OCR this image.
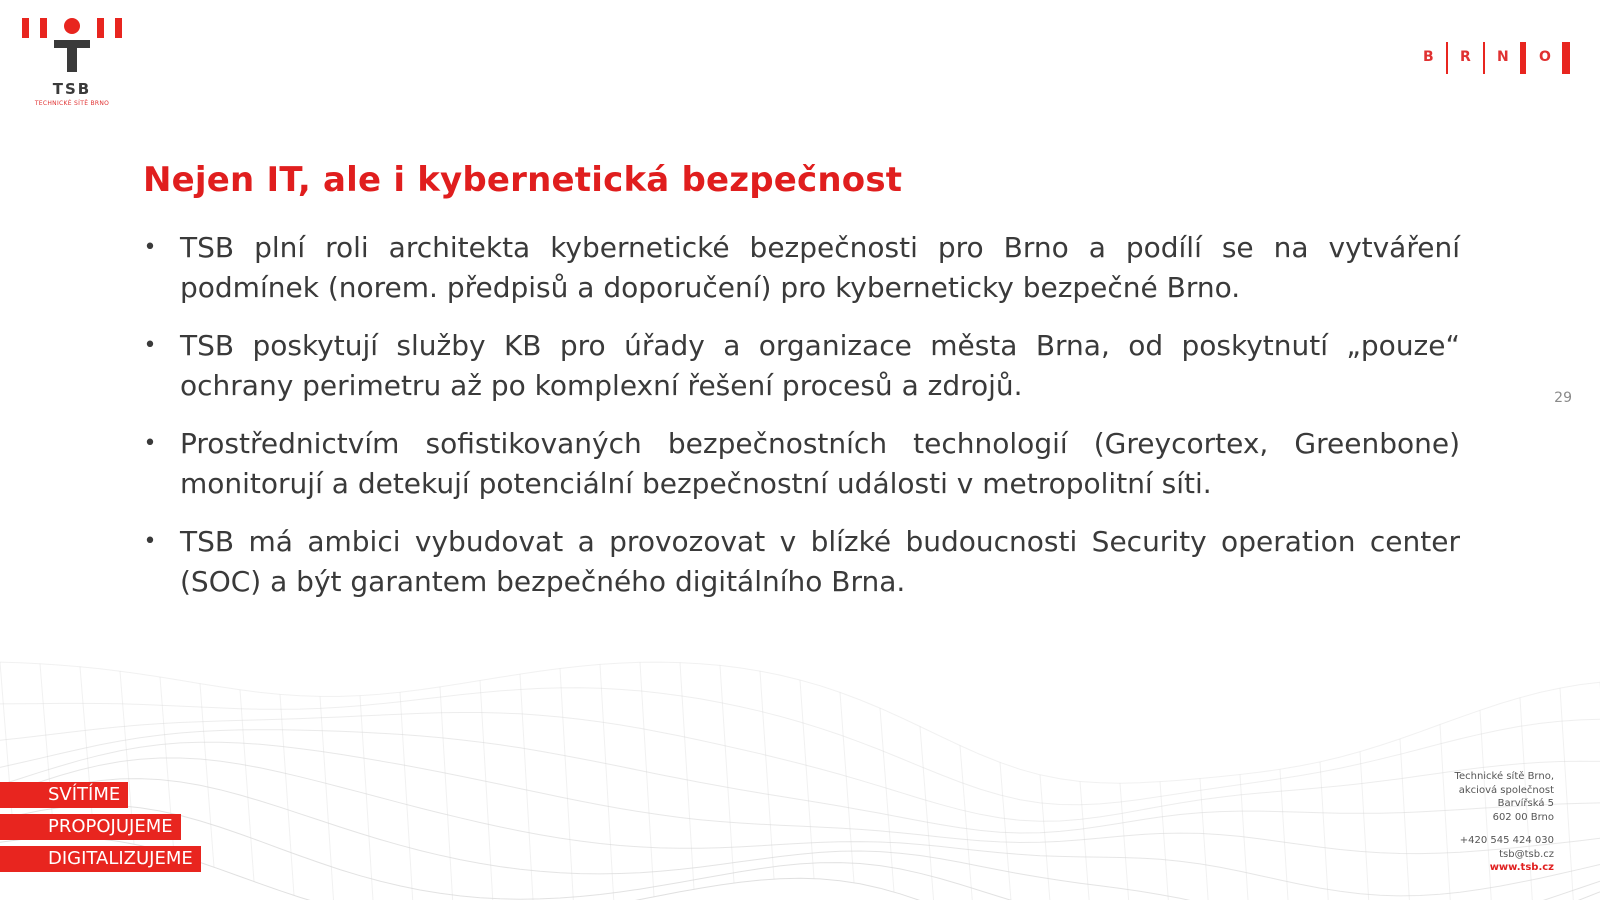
TSB
TECHNICKÉ SÍTĚ BRNO
B R N O
29
Nejen IT, ale i kybernetická bezpečnost
• TSB plní roli architekta kybernetické bezpečnosti pro Brno a podílí se na vytváření podmínek (norem. předpisů a doporučení) pro kyberneticky bezpečné Brno.
• TSB poskytují služby KB pro úřady a organizace města Brna, od poskytnutí „pouze“ ochrany perimetru až po komplexní řešení procesů a zdrojů.
• Prostřednictvím sofistikovaných bezpečnostních technologií (Greycortex, Greenbone) monitorují a detekují potenciální bezpečnostní události v metropolitní síti.
• TSB má ambici vybudovat a provozovat v blízké budoucnosti Security operation center (SOC) a být garantem bezpečného digitálního Brna.
SVÍTÍME
PROPOJUJEME
DIGITALIZUJEME
Technické sítě Brno,
akciová společnost
Barvířská 5
602 00 Brno
+420 545 424 030
tsb@tsb.cz
www.tsb.cz
